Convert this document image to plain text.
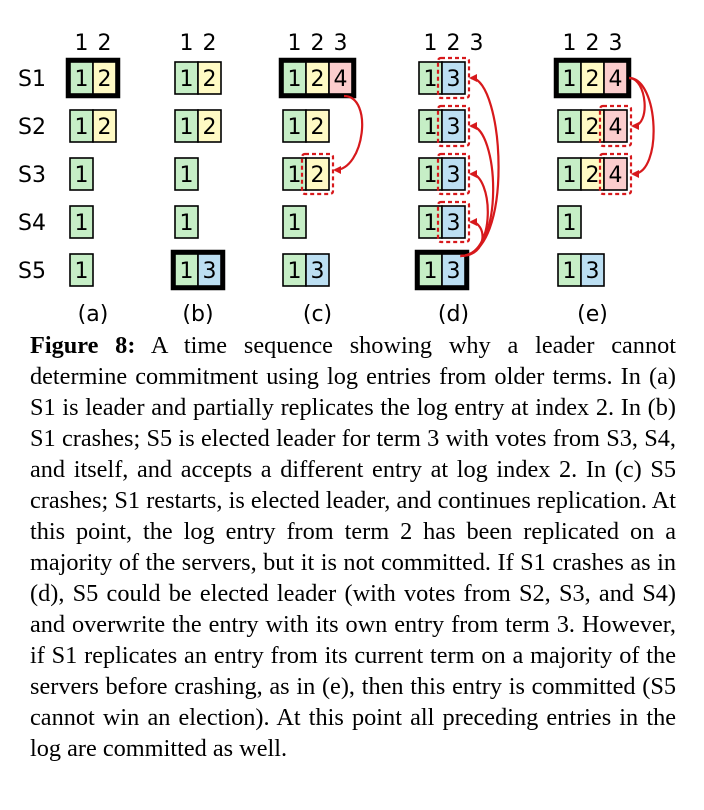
S1
S2
S3
S4
S5
1 2
1 2
1 2
1
1
1
(a)
1 2
1 2
1 2
1
1
1 3
(b)
1 2 3
1 2 4
1 2
1 2
1
1 3
(c)
1 2 3
1 3
1 3
1 3
1 3
1 3
(d)
1 2 3
1 2 4
1 2 4
1 2 4
1
1 3
(e)
Figure 8: A time sequence showing why a leader cannot determine commitment using log entries from older terms. In (a) S1 is leader and partially replicates the log entry at index 2. In (b) S1 crashes; S5 is elected leader for term 3 with votes from S3, S4, and itself, and accepts a different entry at log index 2. In (c) S5 crashes; S1 restarts, is elected leader, and continues replication. At this point, the log entry from term 2 has been replicated on a majority of the servers, but it is not committed. If S1 crashes as in (d), S5 could be elected leader (with votes from S2, S3, and S4) and overwrite the entry with its own entry from term 3. However, if S1 replicates an entry from its current term on a majority of the servers before crashing, as in (e), then this entry is committed (S5 cannot win an election). At this point all preceding entries in the log are committed as well.
